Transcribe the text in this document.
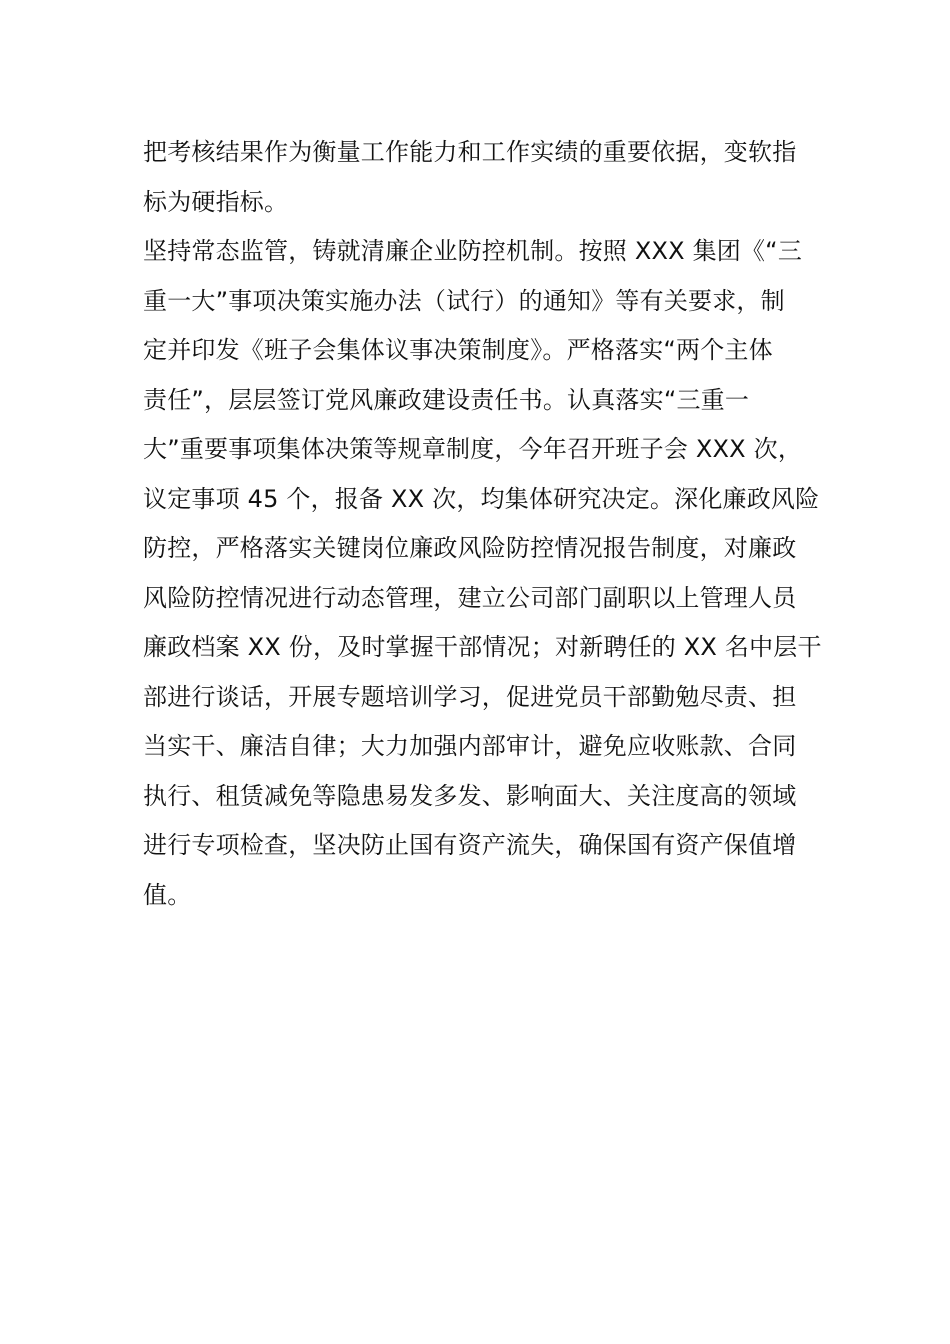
把考核结果作为衡量工作能力和工作实绩的重要依据，变软指
标为硬指标。
坚持常态监管，铸就清廉企业防控机制。按照 XXX 集团《“三
重一大”事项决策实施办法（试行）的通知》等有关要求，制
定并印发《班子会集体议事决策制度》。严格落实“两个主体
责任”，层层签订党风廉政建设责任书。认真落实“三重一
大”重要事项集体决策等规章制度，今年召开班子会 XXX 次，
议定事项 45 个，报备 XX 次，均集体研究决定。深化廉政风险
防控，严格落实关键岗位廉政风险防控情况报告制度，对廉政
风险防控情况进行动态管理，建立公司部门副职以上管理人员
廉政档案 XX 份，及时掌握干部情况；对新聘任的 XX 名中层干
部进行谈话，开展专题培训学习，促进党员干部勤勉尽责、担
当实干、廉洁自律；大力加强内部审计，避免应收账款、合同
执行、租赁减免等隐患易发多发、影响面大、关注度高的领域
进行专项检查，坚决防止国有资产流失，确保国有资产保值增
值。
